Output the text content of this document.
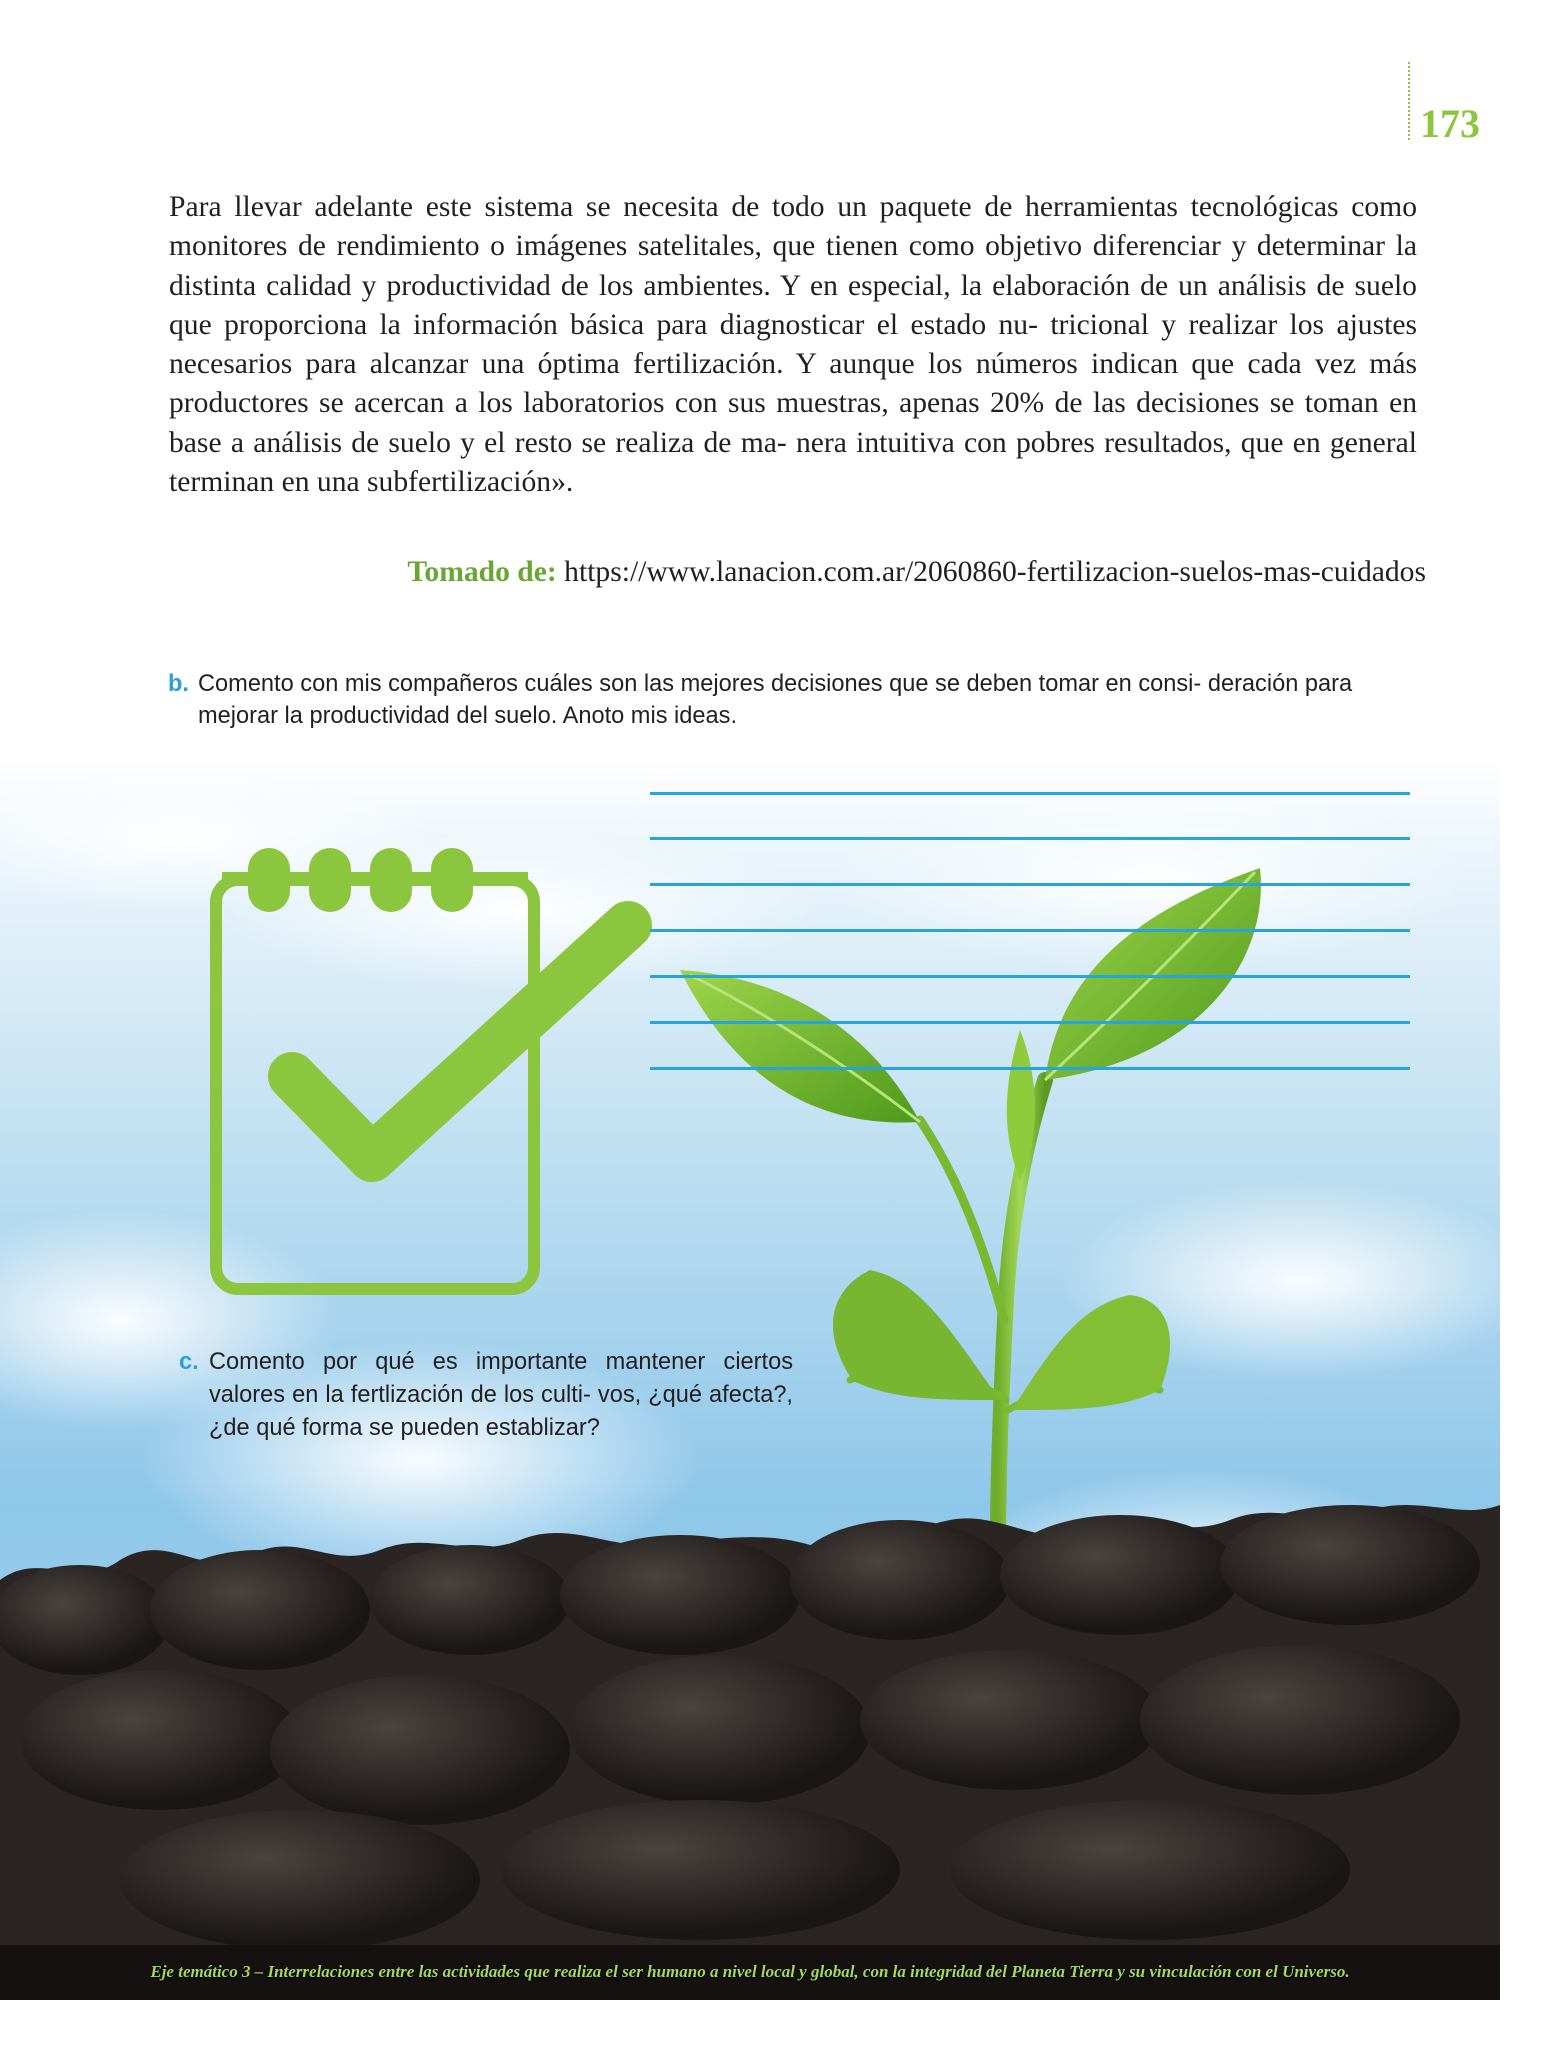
173

Para llevar adelante este sistema se necesita de todo un paquete de herramientas tecnológicas como monitores de rendimiento o imágenes satelitales, que tienen como objetivo diferenciar y determinar la distinta calidad y productividad de los ambientes. Y en especial, la elaboración de un análisis de suelo que proporciona la información básica para diagnosticar el estado nu- tricional y realizar los ajustes necesarios para alcanzar una óptima fertilización. Y aunque los números indican que cada vez más productores se acercan a los laboratorios con sus muestras, apenas 20% de las decisiones se toman en base a análisis de suelo y el resto se realiza de ma- nera intuitiva con pobres resultados, que en general terminan en una subfertilización».

Tomado de: https://www.lanacion.com.ar/2060860-fertilizacion-suelos-mas-cuidados

b. Comento con mis compañeros cuáles son las mejores decisiones que se deben tomar en consi- deración para mejorar la productividad del suelo. Anoto mis ideas.

c. Comento por qué es importante mantener ciertos valores en la fertlización de los culti- vos, ¿qué afecta?, ¿de qué forma se pueden establizar?

Eje temático 3 – Interrelaciones entre las actividades que realiza el ser humano a nivel local y global, con la integridad del Planeta Tierra y su vinculación con el Universo.
